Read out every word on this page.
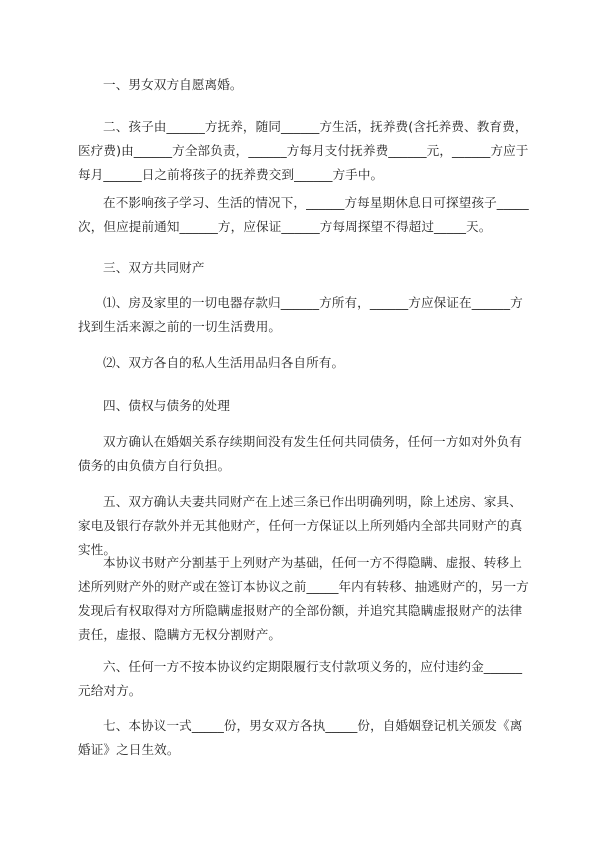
一、男女双方自愿离婚。
二、孩子由______方抚养，随同______方生活，抚养费(含托养费、教育费，医疗费)由______方全部负责，______方每月支付抚养费______元，______方应于每月______日之前将孩子的抚养费交到______方手中。
在不影响孩子学习、生活的情况下，______方每星期休息日可探望孩子_____次，但应提前通知______方，应保证______方每周探望不得超过_____天。
三、双方共同财产
⑴、房及家里的一切电器存款归______方所有，______方应保证在______方找到生活来源之前的一切生活费用。
⑵、双方各自的私人生活用品归各自所有。
四、债权与债务的处理
双方确认在婚姻关系存续期间没有发生任何共同债务，任何一方如对外负有债务的由负债方自行负担。
五、双方确认夫妻共同财产在上述三条已作出明确列明，除上述房、家具、家电及银行存款外并无其他财产，任何一方保证以上所列婚内全部共同财产的真实性。
本协议书财产分割基于上列财产为基础，任何一方不得隐瞒、虚报、转移上述所列财产外的财产或在签订本协议之前_____年内有转移、抽逃财产的，另一方发现后有权取得对方所隐瞒虚报财产的全部份额，并追究其隐瞒虚报财产的法律责任，虚报、隐瞒方无权分割财产。
六、任何一方不按本协议约定期限履行支付款项义务的，应付违约金______元给对方。
七、本协议一式_____份，男女双方各执_____份，自婚姻登记机关颁发《离婚证》之日生效。
